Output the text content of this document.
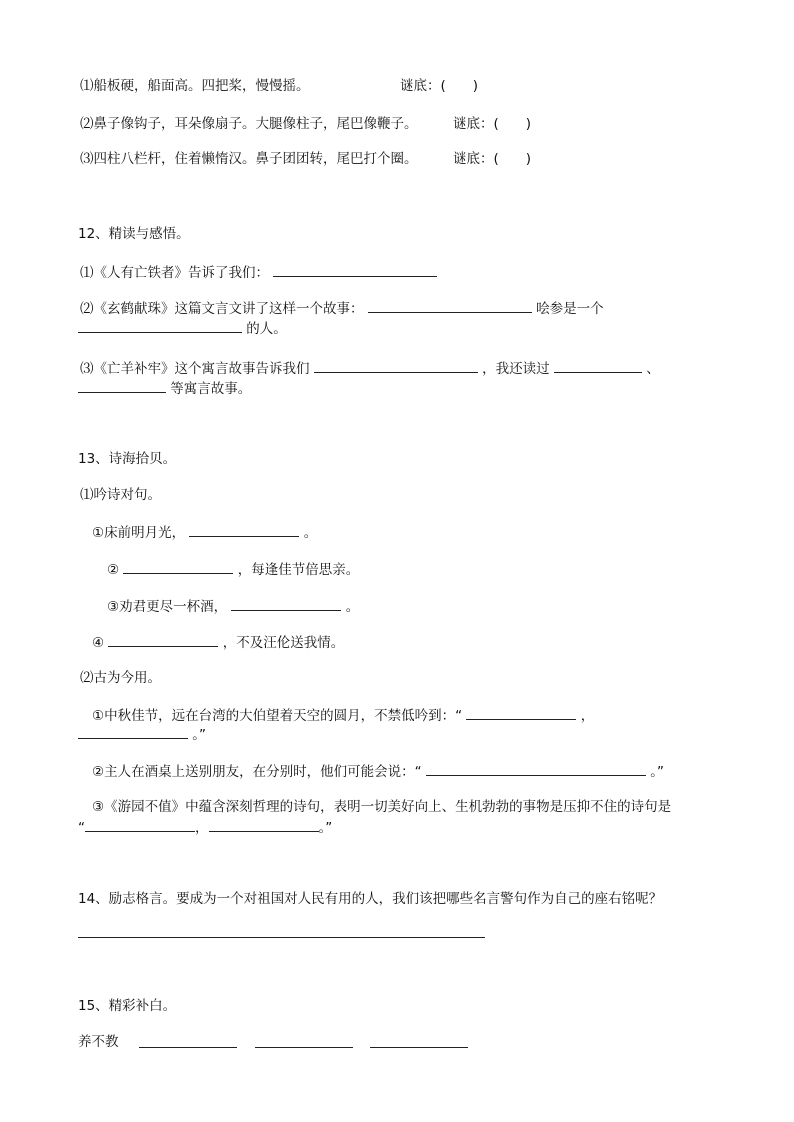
⑴船板硬，船面高。四把桨，慢慢摇。	谜底：(　　)
⑵鼻子像钩子，耳朵像扇子。大腿像柱子，尾巴像鞭子。	谜底：(　　)
⑶四柱八栏杆，住着懒惰汉。鼻子团团转，尾巴打个圈。	谜底：(　　)
12、精读与感悟。
⑴《人有亡铁者》告诉了我们：
⑵《玄鹤献珠》这篇文言文讲了这样一个故事：	哙参是一个
的人。
⑶《亡羊补牢》这个寓言故事告诉我们	，我还读过	、
等寓言故事。
13、诗海拾贝。
⑴吟诗对句。
①床前明月光，	。
②	，每逢佳节倍思亲。
③劝君更尽一杯酒，	。
④	，不及汪伦送我情。
⑵古为今用。
①中秋佳节，远在台湾的大伯望着天空的圆月，不禁低吟到：“	，
。”
②主人在酒桌上送别朋友，在分别时，他们可能会说：“	。”
③《游园不值》中蕴含深刻哲理的诗句，表明一切美好向上、生机勃勃的事物是压抑不住的诗句是
“	，	。”
14、励志格言。要成为一个对祖国对人民有用的人，我们该把哪些名言警句作为自己的座右铭呢？
15、精彩补白。
养不教
